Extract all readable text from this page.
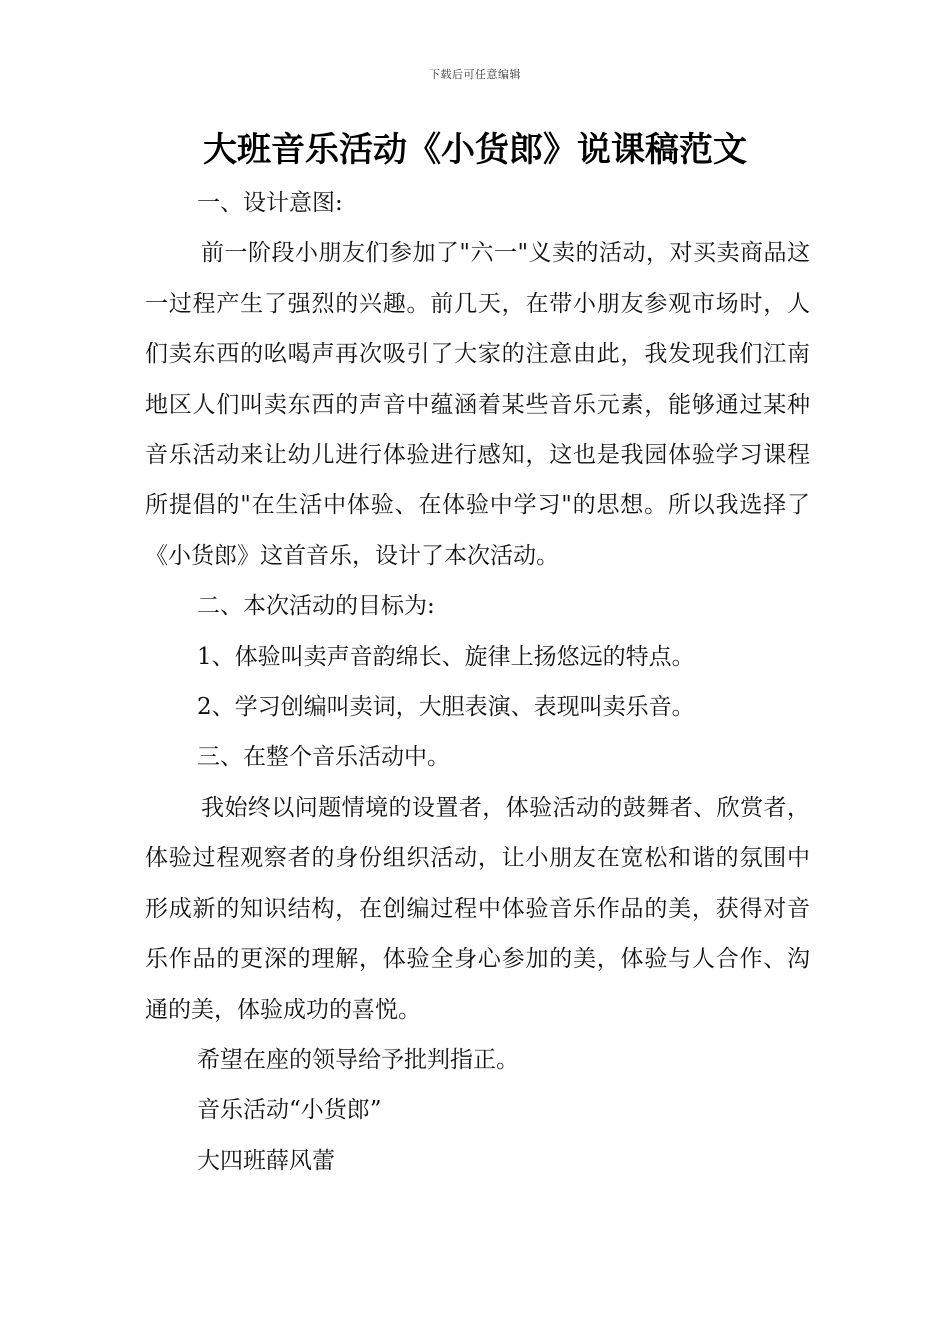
下载后可任意编辑
大班音乐活动《小货郎》说课稿范文

一、设计意图:

前一阶段小朋友们参加了"六一"义卖的活动，对买卖商品这一过程产生了强烈的兴趣。前几天，在带小朋友参观市场时，人们卖东西的吆喝声再次吸引了大家的注意由此，我发现我们江南地区人们叫卖东西的声音中蕴涵着某些音乐元素，能够通过某种音乐活动来让幼儿进行体验进行感知，这也是我园体验学习课程所提倡的"在生活中体验、在体验中学习"的思想。所以我选择了《小货郎》这首音乐，设计了本次活动。

二、本次活动的目标为:

1、体验叫卖声音韵绵长、旋律上扬悠远的特点。

2、学习创编叫卖词，大胆表演、表现叫卖乐音。

三、在整个音乐活动中。

我始终以问题情境的设置者，体验活动的鼓舞者、欣赏者，体验过程观察者的身份组织活动，让小朋友在宽松和谐的氛围中形成新的知识结构，在创编过程中体验音乐作品的美，获得对音乐作品的更深的理解，体验全身心参加的美，体验与人合作、沟通的美，体验成功的喜悦。

希望在座的领导给予批判指正。

音乐活动“小货郎”

大四班薛风蕾
